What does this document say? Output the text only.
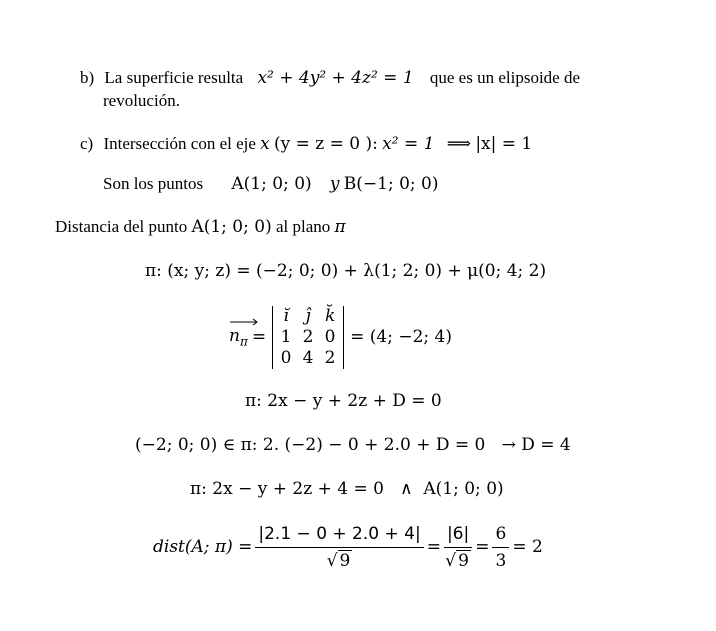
b) La superficie resulta x² + 4y² + 4z² = 1 que es un elipsoide de
revolución.
c) Intersección con el eje x (y = z = 0 ): x² = 1 ⟹ |x| = 1
Son los puntos A(1; 0; 0) y B(−1; 0; 0)
Distancia del punto A(1; 0; 0) al plano π
π: (x; y; z) = (−2; 0; 0) + λ(1; 2; 0) + μ(0; 4; 2)
$n_\pi$ =
ĭ ĵ k̆
1 2 0
0 4 2
= (4; −2; 4)
π: 2x − y + 2z + D = 0
(−2; 0; 0) ∈ π: 2. (−2) − 0 + 2.0 + D = 0   → D = 4
π: 2x − y + 2z + 4 = 0   ∧  A(1; 0; 0)
dist(A; $\pi) = \frac{|2.1 - 0 + 2.0 + 4|}{√ 9} = \frac{|6|}{√ 9} = \frac{6}{3} = 2$
